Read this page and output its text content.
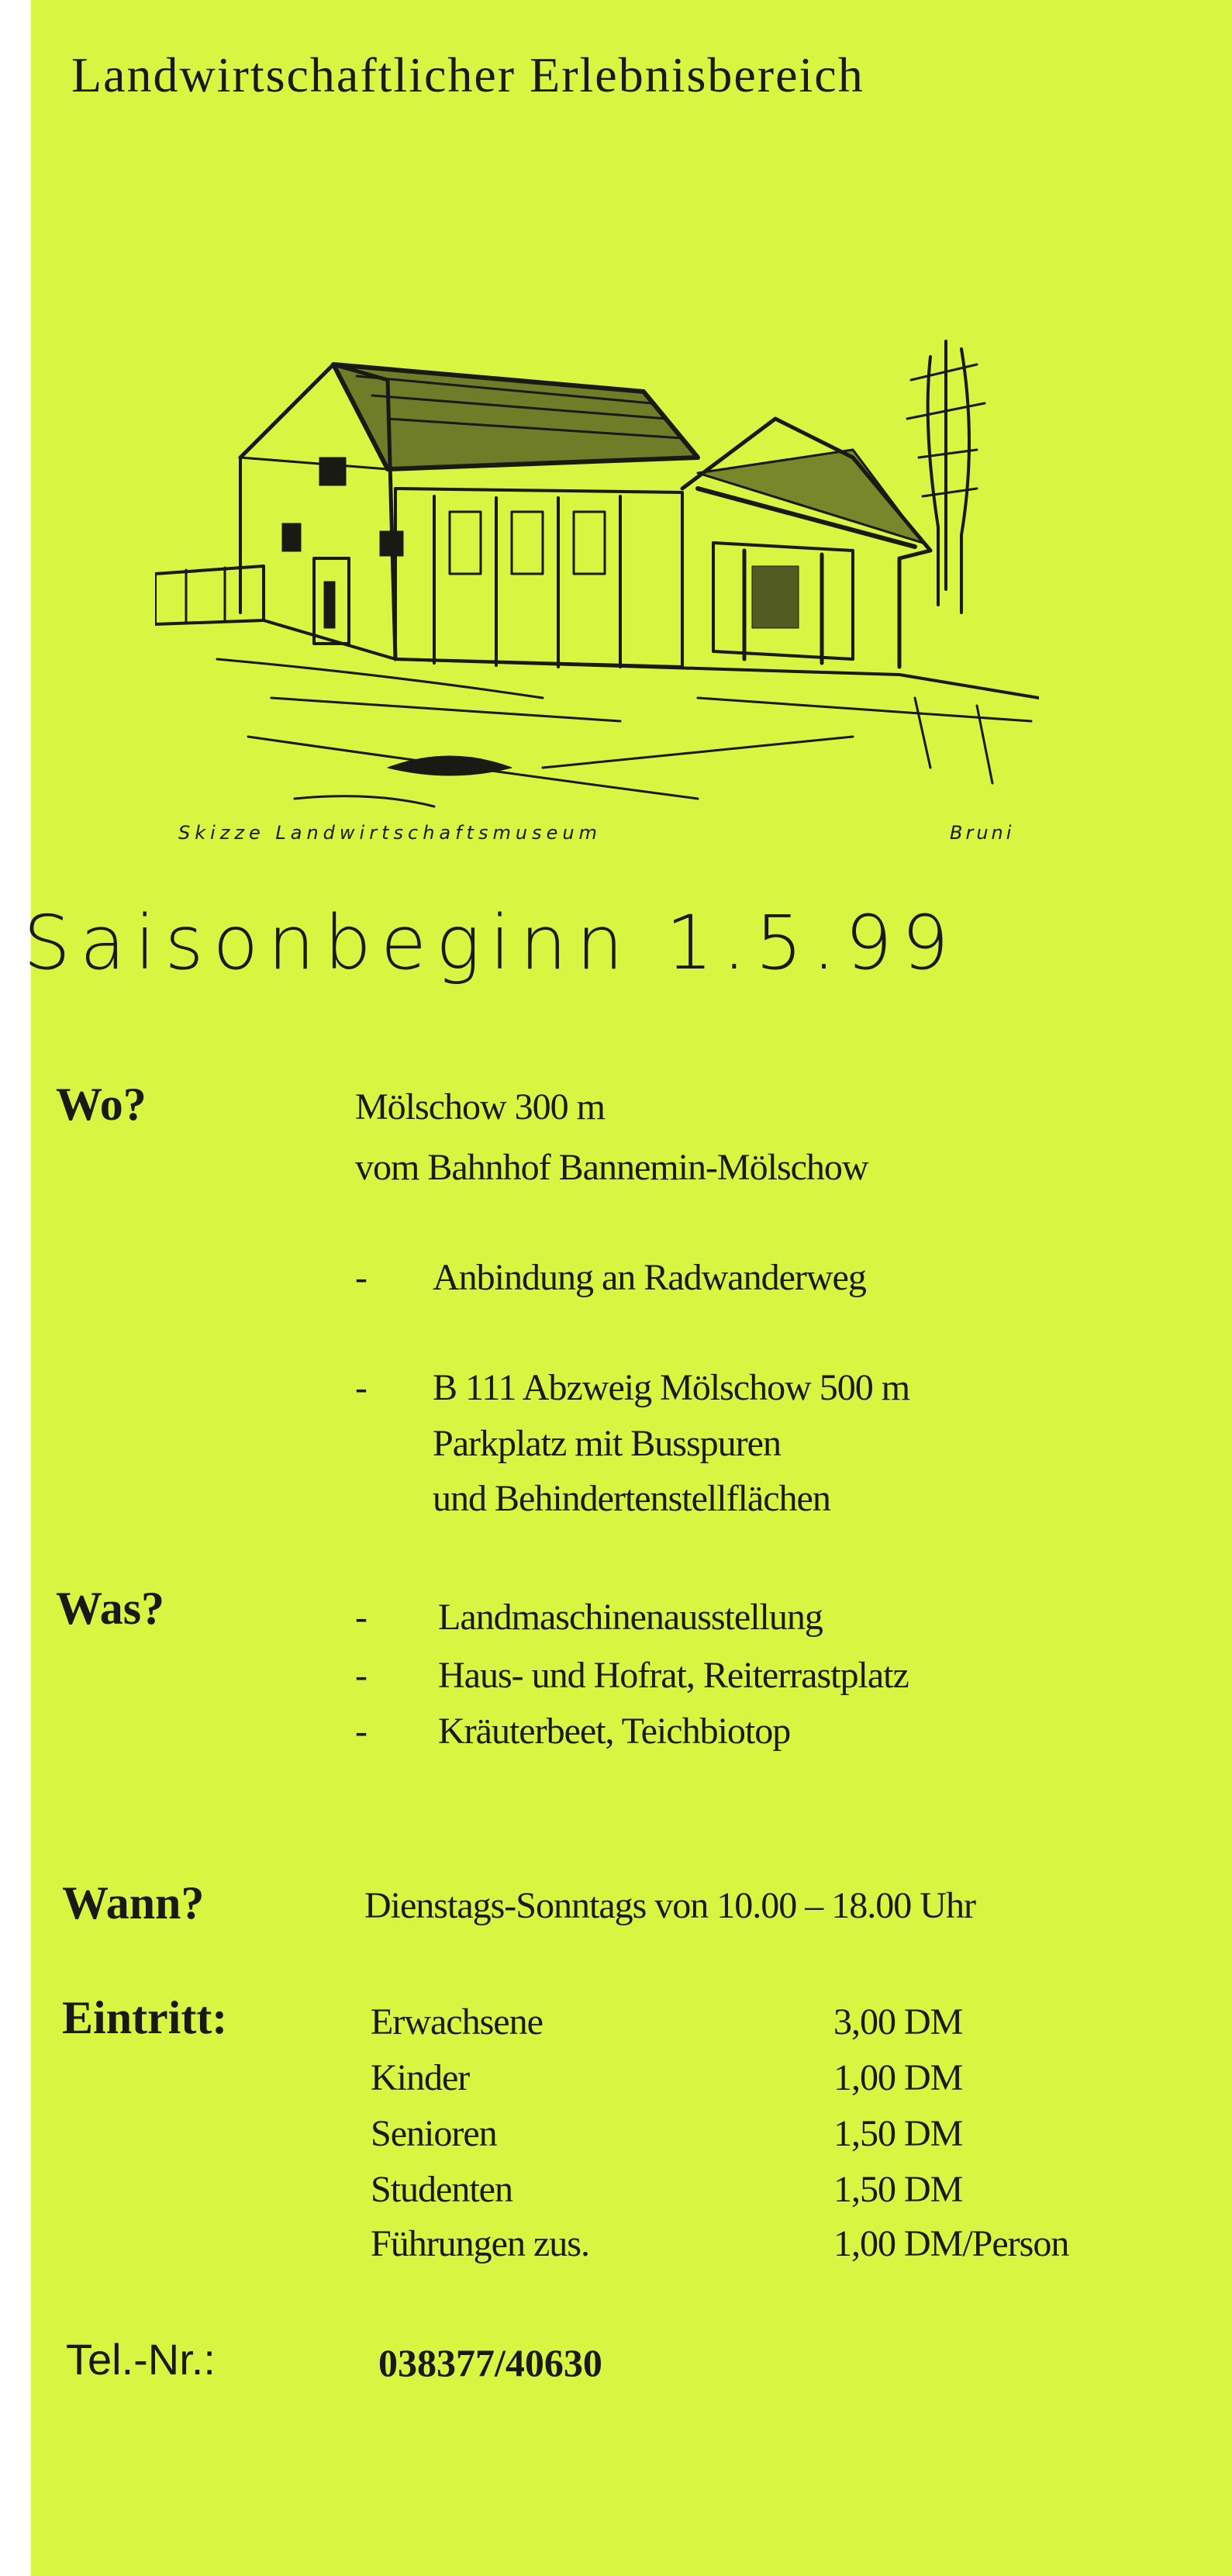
Landwirtschaftlicher Erlebnisbereich
Skizze Landwirtschaftsmuseum	Bruni
Saisonbeginn 1.5.99
Wo?	Mölschow 300 m
vom Bahnhof Bannemin-Mölschow
- Anbindung an Radwanderweg
- B 111 Abzweig Mölschow 500 m
Parkplatz mit Busspuren
und Behindertenstellflächen
Was?	- Landmaschinenausstellung
- Haus- und Hofrat, Reiterrastplatz
- Kräuterbeet, Teichbiotop
Wann?	Dienstags-Sonntags von 10.00 – 18.00 Uhr
Eintritt:	Erwachsene	3,00 DM
Kinder	1,00 DM
Senioren	1,50 DM
Studenten	1,50 DM
Führungen zus.	1,00 DM/Person
Tel.-Nr.:	038377/40630
